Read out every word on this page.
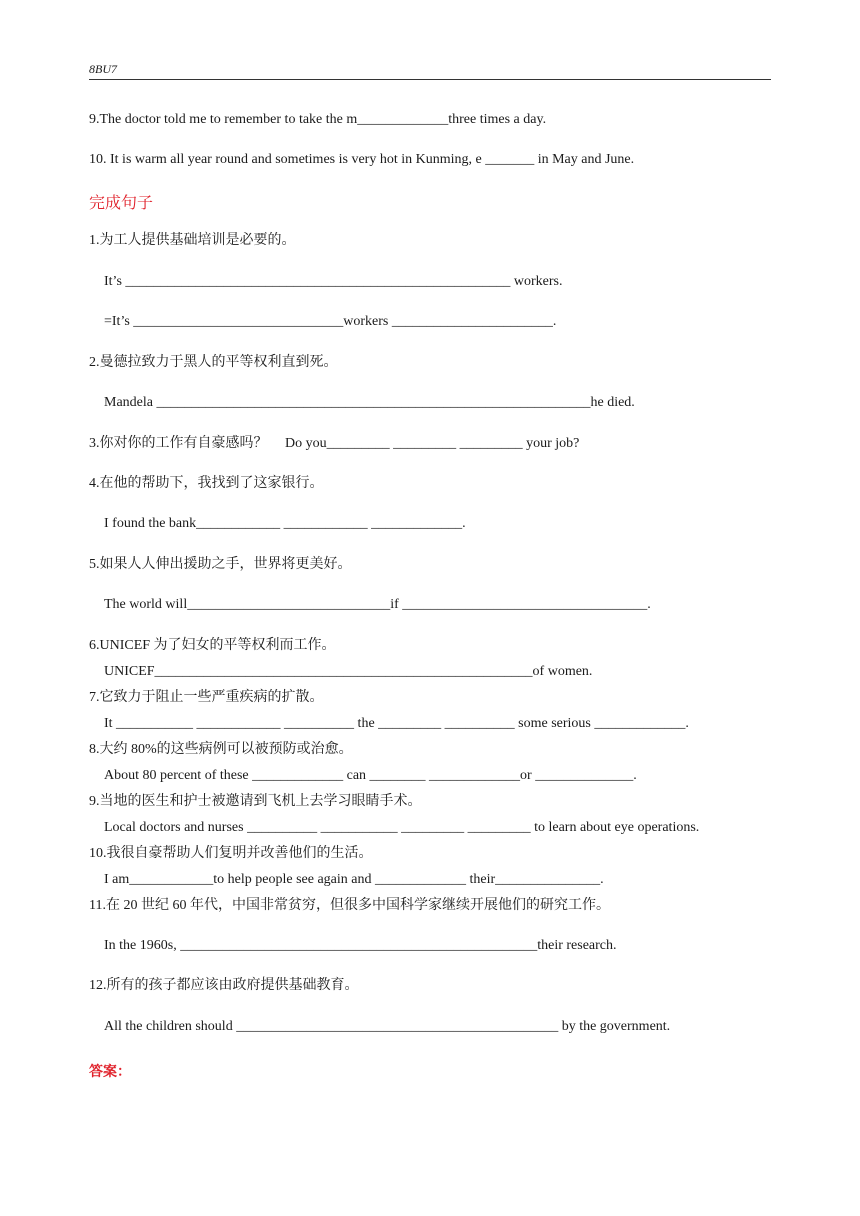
8BU7
9.The doctor told me to remember to take the m_____________three times a day.
10. It is warm all year round and sometimes is very hot in Kunming, e _______ in May and June.
完成句子
1.为工人提供基础培训是必要的。
It’s _______________________________________________________ workers.
=It’s ______________________________workers _______________________.
2.曼德拉致力于黑人的平等权利直到死。
Mandela ______________________________________________________________he died.
3.你对你的工作有自豪感吗？     Do you_________ _________ _________ your job?
4.在他的帮助下，我找到了这家银行。
I found the bank____________ ____________ _____________.
5.如果人人伸出援助之手，世界将更美好。
The world will_____________________________if ___________________________________.
6.UNICEF 为了妇女的平等权利而工作。
UNICEF______________________________________________________of women.
7.它致力于阻止一些严重疾病的扩散。
It ___________ ____________ __________ the _________ __________ some serious _____________.
8.大约 80%的这些病例可以被预防或治愈。
About 80 percent of these _____________ can ________ _____________or ______________.
9.当地的医生和护士被邀请到飞机上去学习眼睛手术。
Local doctors and nurses __________ ___________ _________ _________ to learn about eye operations.
10.我很自豪帮助人们复明并改善他们的生活。
I am____________to help people see again and _____________ their_______________.
11.在 20 世纪 60 年代，中国非常贫穷，但很多中国科学家继续开展他们的研究工作。
In the 1960s, ___________________________________________________their research.
12.所有的孩子都应该由政府提供基础教育。
All the children should ______________________________________________ by the government.
答案：
